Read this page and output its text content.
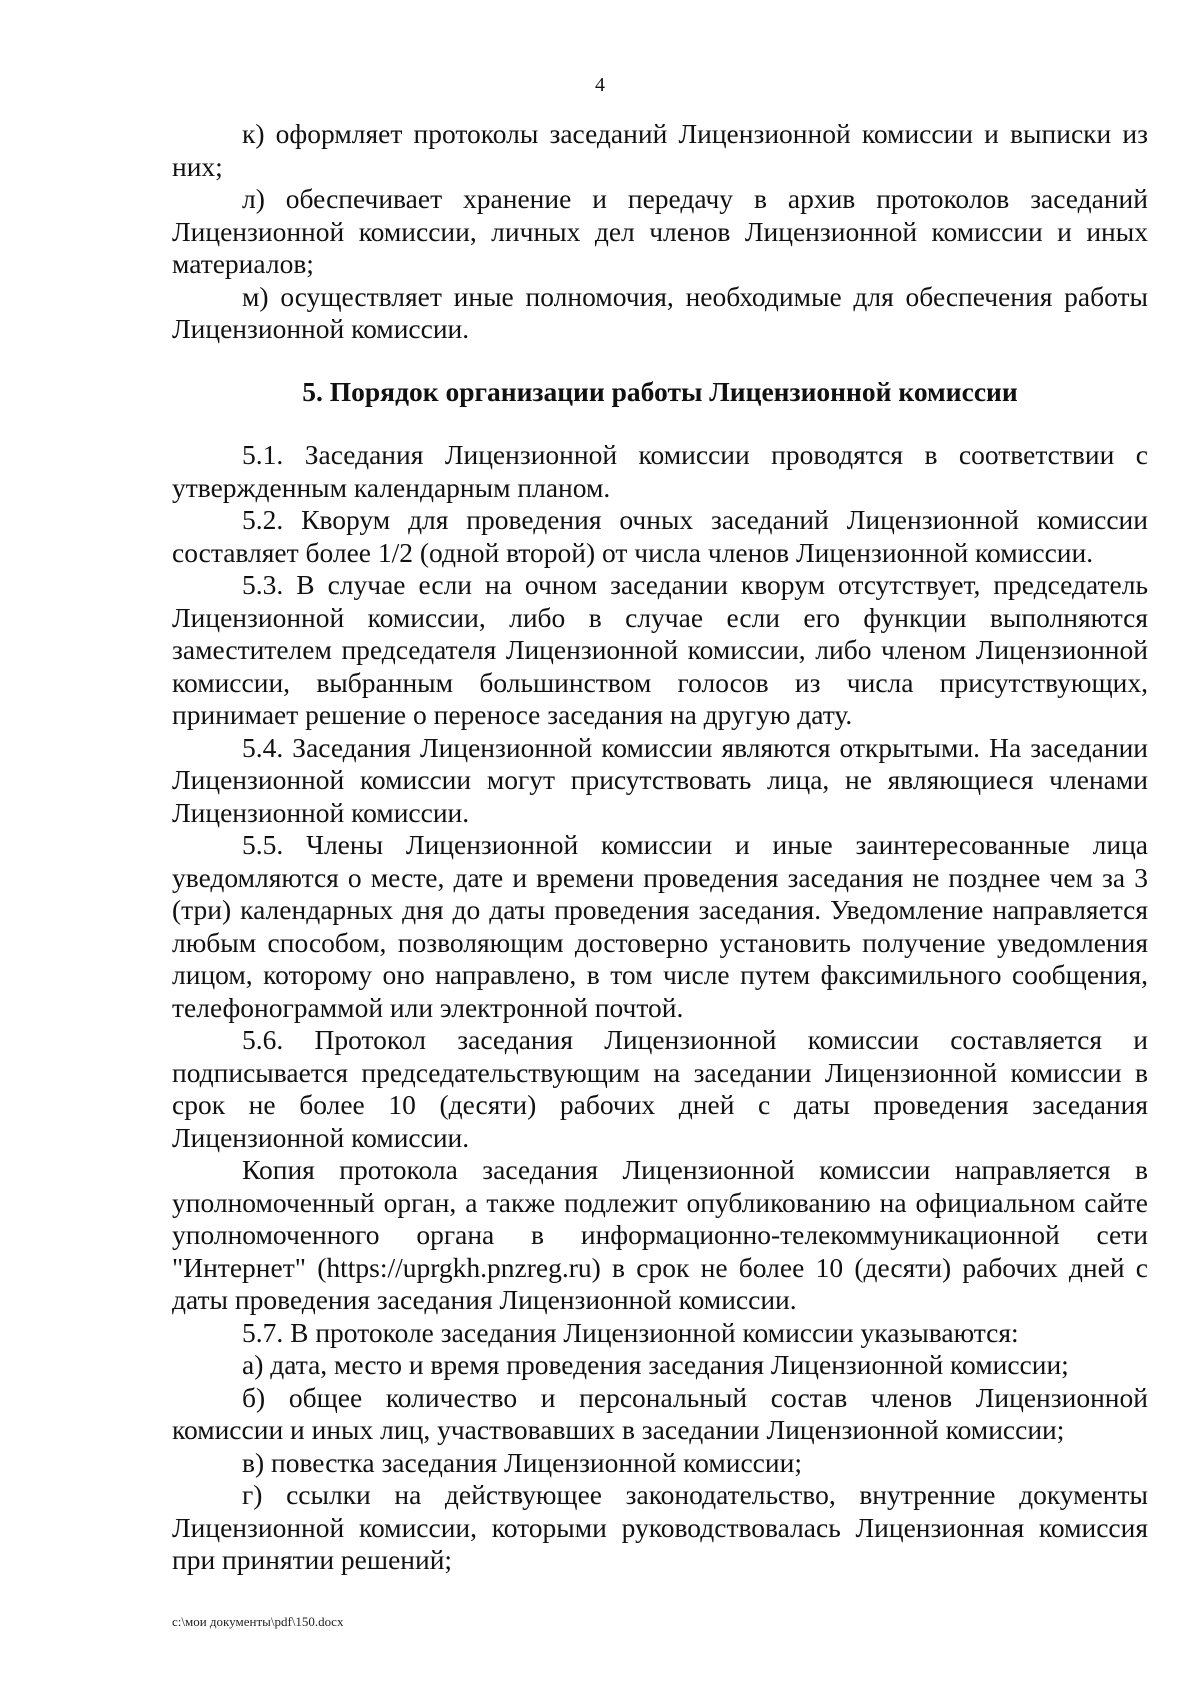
4

к) оформляет протоколы заседаний Лицензионной комиссии и выписки из них;

л) обеспечивает хранение и передачу в архив протоколов заседаний Лицензионной комиссии, личных дел членов Лицензионной комиссии и иных материалов;

м) осуществляет иные полномочия, необходимые для обеспечения работы Лицензионной комиссии.

5. Порядок организации работы Лицензионной комиссии

5.1. Заседания Лицензионной комиссии проводятся в соответствии с утвержденным календарным планом.

5.2. Кворум для проведения очных заседаний Лицензионной комиссии составляет более 1/2 (одной второй) от числа членов Лицензионной комиссии.

5.3. В случае если на очном заседании кворум отсутствует, председатель Лицензионной комиссии, либо в случае если его функции выполняются заместителем председателя Лицензионной комиссии, либо членом Лицензионной комиссии, выбранным большинством голосов из числа присутствующих, принимает решение о переносе заседания на другую дату.

5.4. Заседания Лицензионной комиссии являются открытыми. На заседании Лицензионной комиссии могут присутствовать лица, не являющиеся членами Лицензионной комиссии.

5.5. Члены Лицензионной комиссии и иные заинтересованные лица уведомляются о месте, дате и времени проведения заседания не позднее чем за 3 (три) календарных дня до даты проведения заседания. Уведомление направляется любым способом, позволяющим достоверно установить получение уведомления лицом, которому оно направлено, в том числе путем факсимильного сообщения, телефонограммой или электронной почтой.

5.6. Протокол заседания Лицензионной комиссии составляется и подписывается председательствующим на заседании Лицензионной комиссии в срок не более 10 (десяти) рабочих дней с даты проведения заседания Лицензионной комиссии.

Копия протокола заседания Лицензионной комиссии направляется в уполномоченный орган, а также подлежит опубликованию на официальном сайте уполномоченного органа в информационно-телекоммуникационной сети "Интернет" (https://uprgkh.pnzreg.ru) в срок не более 10 (десяти) рабочих дней с даты проведения заседания Лицензионной комиссии.

5.7. В протоколе заседания Лицензионной комиссии указываются:

а) дата, место и время проведения заседания Лицензионной комиссии;

б) общее количество и персональный состав членов Лицензионной комиссии и иных лиц, участвовавших в заседании Лицензионной комиссии;

в) повестка заседания Лицензионной комиссии;

г) ссылки на действующее законодательство, внутренние документы Лицензионной комиссии, которыми руководствовалась Лицензионная комиссия при принятии решений;

c:\мои документы\pdf\150.docx
